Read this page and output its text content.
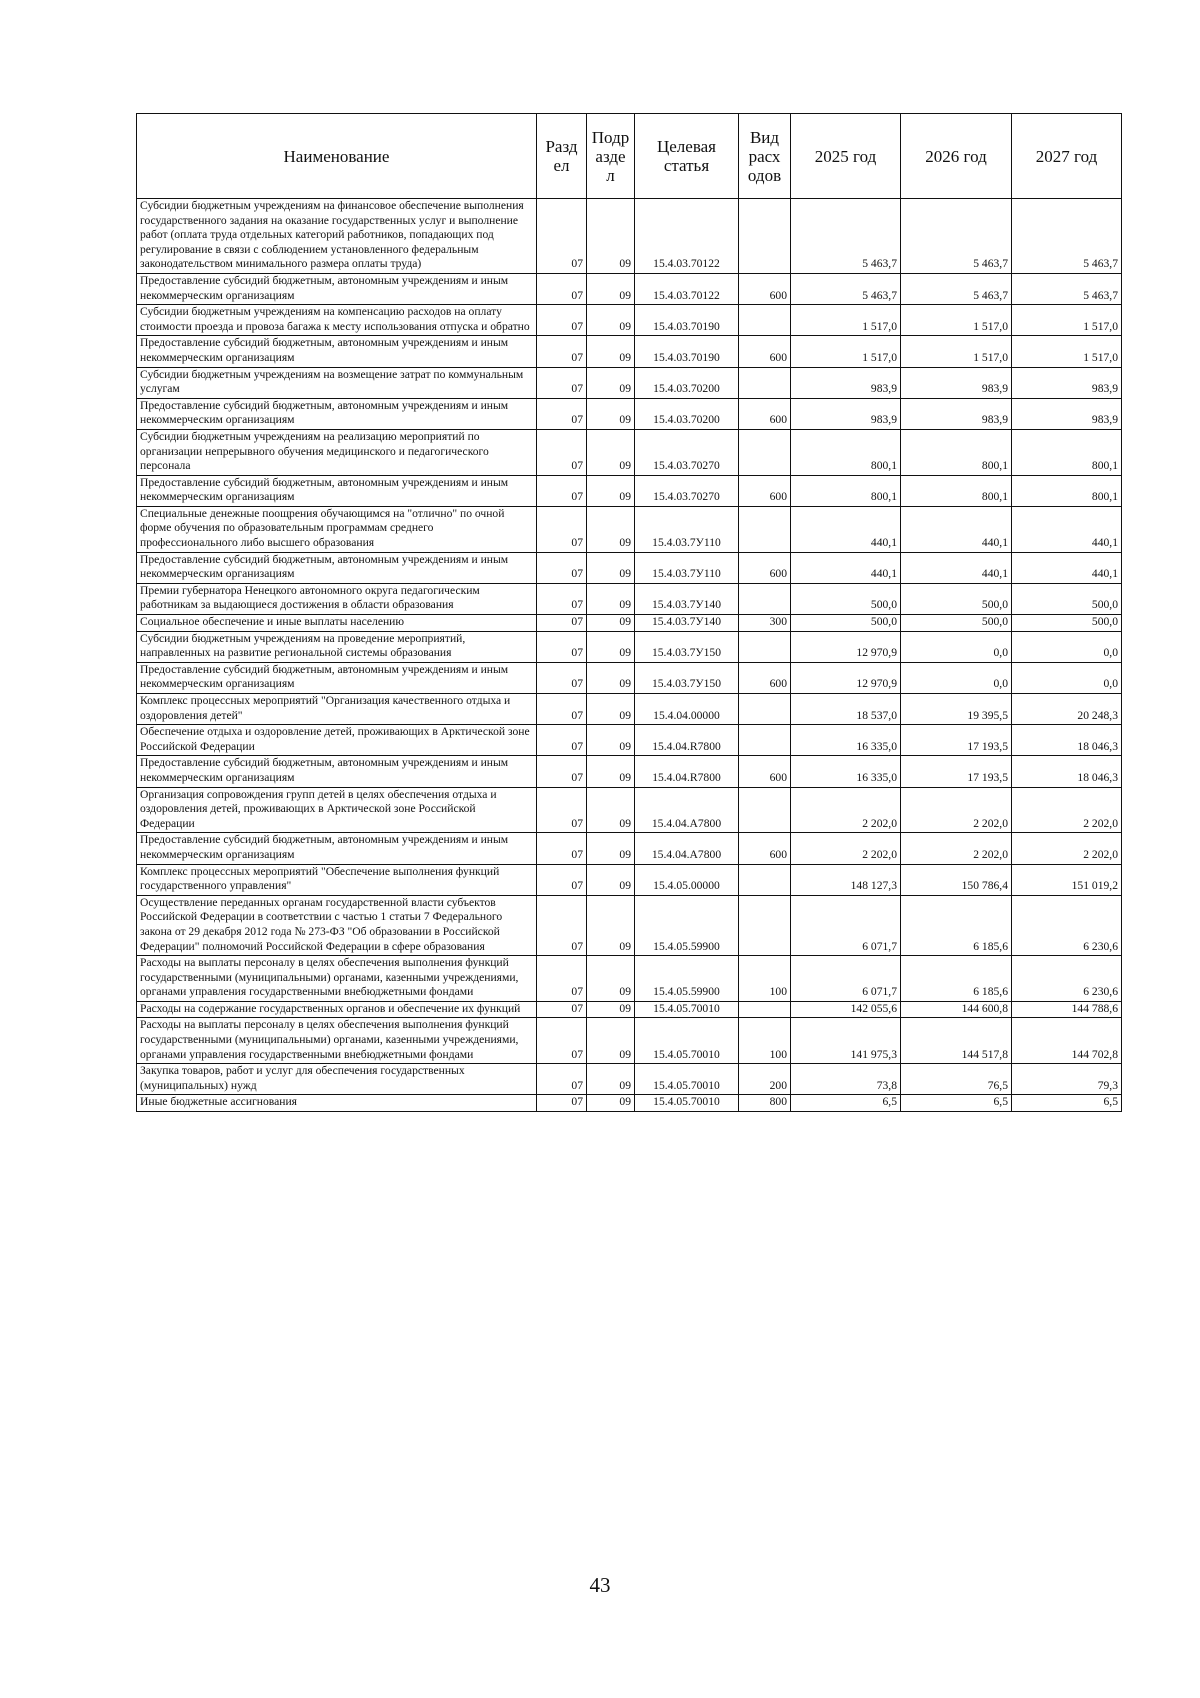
Наименование	Разд ел	Подр азде л	Целевая статья	Вид расх одов	2025 год	2026 год	2027 год
Субсидии бюджетным учреждениям на финансовое обеспечение выполнения государственного задания на оказание государственных услуг и выполнение работ (оплата труда отдельных категорий работников, попадающих под регулирование в связи с соблюдением установленного федеральным законодательством минимального размера оплаты труда)	07	09	15.4.03.70122		5 463,7	5 463,7	5 463,7
Предоставление субсидий бюджетным, автономным учреждениям и иным некоммерческим организациям	07	09	15.4.03.70122	600	5 463,7	5 463,7	5 463,7
Субсидии бюджетным учреждениям на компенсацию расходов на оплату стоимости проезда и провоза багажа к месту использования отпуска и обратно	07	09	15.4.03.70190		1 517,0	1 517,0	1 517,0
Предоставление субсидий бюджетным, автономным учреждениям и иным некоммерческим организациям	07	09	15.4.03.70190	600	1 517,0	1 517,0	1 517,0
Субсидии бюджетным учреждениям на возмещение затрат по коммунальным услугам	07	09	15.4.03.70200		983,9	983,9	983,9
Предоставление субсидий бюджетным, автономным учреждениям и иным некоммерческим организациям	07	09	15.4.03.70200	600	983,9	983,9	983,9
Субсидии бюджетным учреждениям на реализацию мероприятий по организации непрерывного обучения медицинского и педагогического персонала	07	09	15.4.03.70270		800,1	800,1	800,1
Предоставление субсидий бюджетным, автономным учреждениям и иным некоммерческим организациям	07	09	15.4.03.70270	600	800,1	800,1	800,1
Специальные денежные поощрения обучающимся на "отлично" по очной форме обучения по образовательным программам среднего профессионального либо высшего образования	07	09	15.4.03.7У110		440,1	440,1	440,1
Предоставление субсидий бюджетным, автономным учреждениям и иным некоммерческим организациям	07	09	15.4.03.7У110	600	440,1	440,1	440,1
Премии губернатора Ненецкого автономного округа педагогическим работникам за выдающиеся достижения в области образования	07	09	15.4.03.7У140		500,0	500,0	500,0
Социальное обеспечение и иные выплаты населению	07	09	15.4.03.7У140	300	500,0	500,0	500,0
Субсидии бюджетным учреждениям на проведение мероприятий, направленных на развитие региональной системы образования	07	09	15.4.03.7У150		12 970,9	0,0	0,0
Предоставление субсидий бюджетным, автономным учреждениям и иным некоммерческим организациям	07	09	15.4.03.7У150	600	12 970,9	0,0	0,0
Комплекс процессных мероприятий "Организация качественного отдыха и оздоровления детей"	07	09	15.4.04.00000		18 537,0	19 395,5	20 248,3
Обеспечение отдыха и оздоровление детей, проживающих в Арктической зоне Российской Федерации	07	09	15.4.04.R7800		16 335,0	17 193,5	18 046,3
Предоставление субсидий бюджетным, автономным учреждениям и иным некоммерческим организациям	07	09	15.4.04.R7800	600	16 335,0	17 193,5	18 046,3
Организация сопровождения групп детей в целях обеспечения отдыха и оздоровления детей, проживающих в Арктической зоне Российской Федерации	07	09	15.4.04.A7800		2 202,0	2 202,0	2 202,0
Предоставление субсидий бюджетным, автономным учреждениям и иным некоммерческим организациям	07	09	15.4.04.A7800	600	2 202,0	2 202,0	2 202,0
Комплекс процессных мероприятий "Обеспечение выполнения функций государственного управления"	07	09	15.4.05.00000		148 127,3	150 786,4	151 019,2
Осуществление переданных органам государственной власти субъектов Российской Федерации в соответствии с частью 1 статьи 7 Федерального закона от 29 декабря 2012 года № 273-ФЗ "Об образовании в Российской Федерации" полномочий Российской Федерации в сфере образования	07	09	15.4.05.59900		6 071,7	6 185,6	6 230,6
Расходы на выплаты персоналу в целях обеспечения выполнения функций государственными (муниципальными) органами, казенными учреждениями, органами управления государственными внебюджетными фондами	07	09	15.4.05.59900	100	6 071,7	6 185,6	6 230,6
Расходы на содержание государственных органов и обеспечение их функций	07	09	15.4.05.70010		142 055,6	144 600,8	144 788,6
Расходы на выплаты персоналу в целях обеспечения выполнения функций государственными (муниципальными) органами, казенными учреждениями, органами управления государственными внебюджетными фондами	07	09	15.4.05.70010	100	141 975,3	144 517,8	144 702,8
Закупка товаров, работ и услуг для обеспечения государственных (муниципальных) нужд	07	09	15.4.05.70010	200	73,8	76,5	79,3
Иные бюджетные ассигнования	07	09	15.4.05.70010	800	6,5	6,5	6,5
43
